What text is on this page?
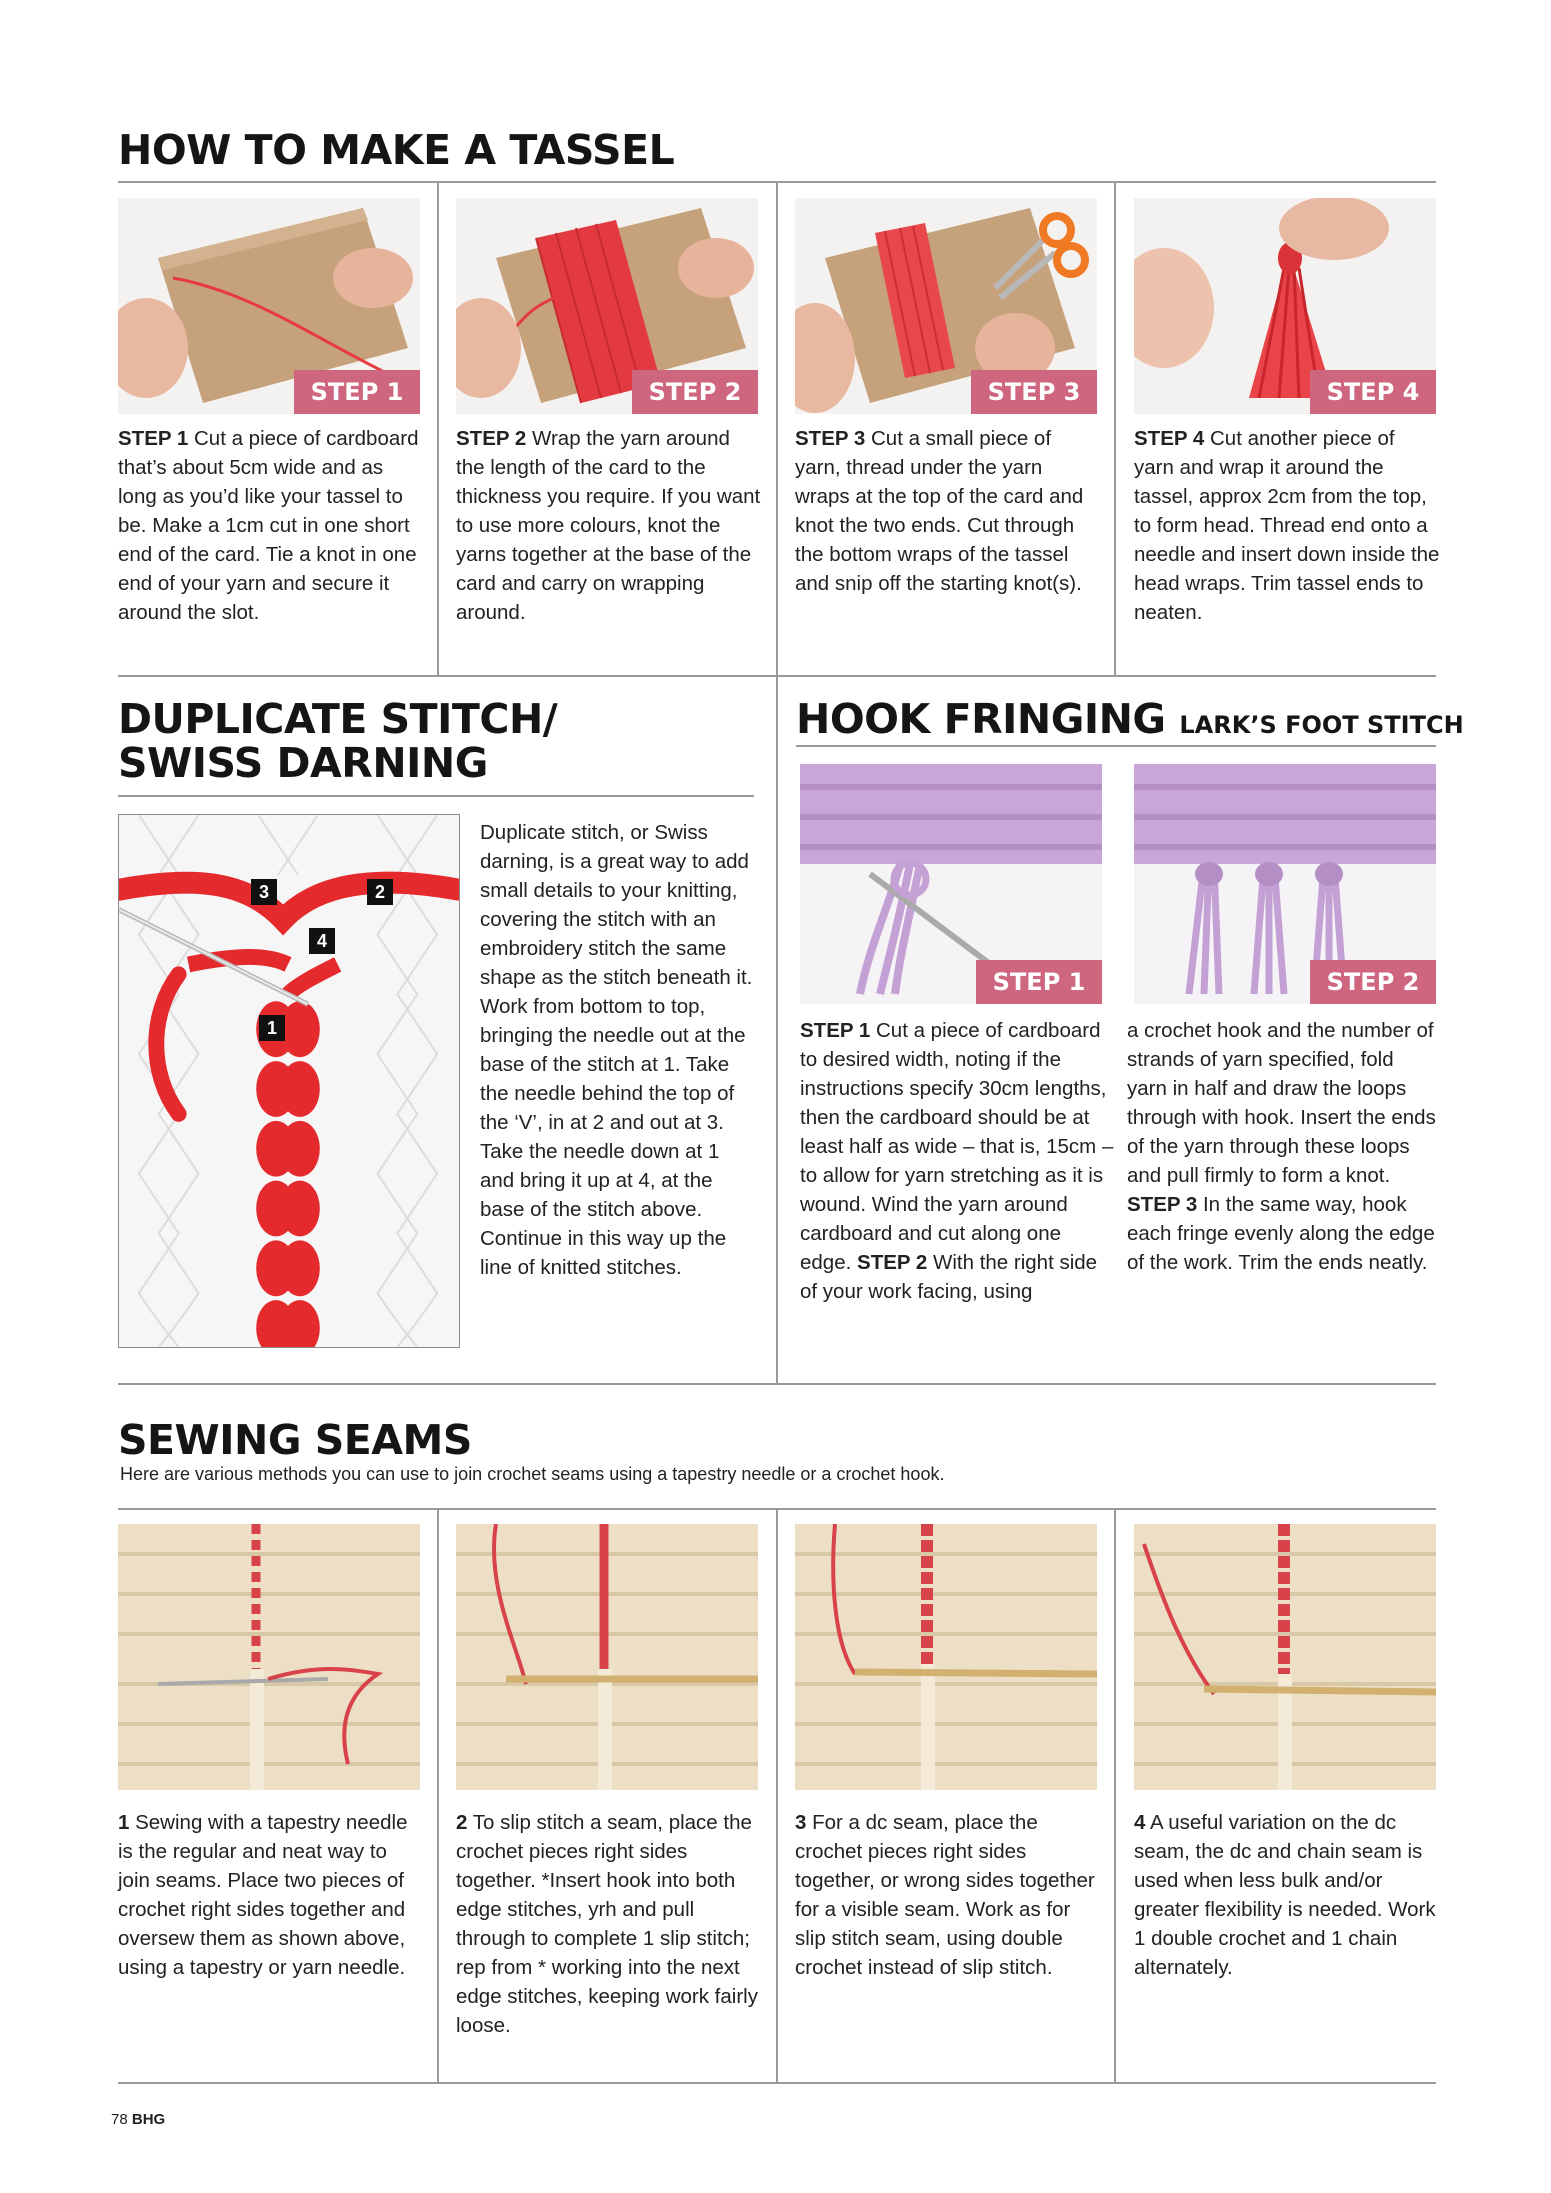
HOW TO MAKE A TASSEL
STEP 1	STEP 2	STEP 3	STEP 4

STEP 1 Cut a piece of cardboard that’s about 5cm wide and as long as you’d like your tassel to be. Make a 1cm cut in one short end of the card. Tie a knot in one end of your yarn and secure it around the slot.

STEP 2 Wrap the yarn around the length of the card to the thickness you require. If you want to use more colours, knot the yarns together at the base of the card and carry on wrapping around.

STEP 3 Cut a small piece of yarn, thread under the yarn wraps at the top of the card and knot the two ends. Cut through the bottom wraps of the tassel and snip off the starting knot(s).

STEP 4 Cut another piece of yarn and wrap it around the tassel, approx 2cm from the top, to form head. Thread end onto a needle and insert down inside the head wraps. Trim tassel ends to neaten.

DUPLICATE STITCH/
SWISS DARNING
1
2
3
4

Duplicate stitch, or Swiss darning, is a great way to add small details to your knitting, covering the stitch with an embroidery stitch the same shape as the stitch beneath it. Work from bottom to top, bringing the needle out at the base of the stitch at 1. Take the needle behind the top of the ‘V’, in at 2 and out at 3. Take the needle down at 1 and bring it up at 4, at the base of the stitch above. Continue in this way up the line of knitted stitches.

HOOK FRINGING LARK’S FOOT STITCH
STEP 1	STEP 2

STEP 1 Cut a piece of cardboard to desired width, noting if the instructions specify 30cm lengths, then the cardboard should be at least half as wide – that is, 15cm – to allow for yarn stretching as it is wound. Wind the yarn around cardboard and cut along one edge. STEP 2 With the right side of your work facing, using

a crochet hook and the number of strands of yarn specified, fold yarn in half and draw the loops through with hook. Insert the ends of the yarn through these loops and pull firmly to form a knot. STEP 3 In the same way, hook each fringe evenly along the edge of the work. Trim the ends neatly.

SEWING SEAMS

Here are various methods you can use to join crochet seams using a tapestry needle or a crochet hook.

1 Sewing with a tapestry needle is the regular and neat way to join seams. Place two pieces of crochet right sides together and oversew them as shown above, using a tapestry or yarn needle.

2 To slip stitch a seam, place the crochet pieces right sides together. *Insert hook into both edge stitches, yrh and pull through to complete 1 slip stitch; rep from * working into the next edge stitches, keeping work fairly loose.

3 For a dc seam, place the crochet pieces right sides together, or wrong sides together for a visible seam. Work as for slip stitch seam, using double crochet instead of slip stitch.

4 A useful variation on the dc seam, the dc and chain seam is used when less bulk and/or greater flexibility is needed. Work 1 double crochet and 1 chain alternately.

78 BHG
